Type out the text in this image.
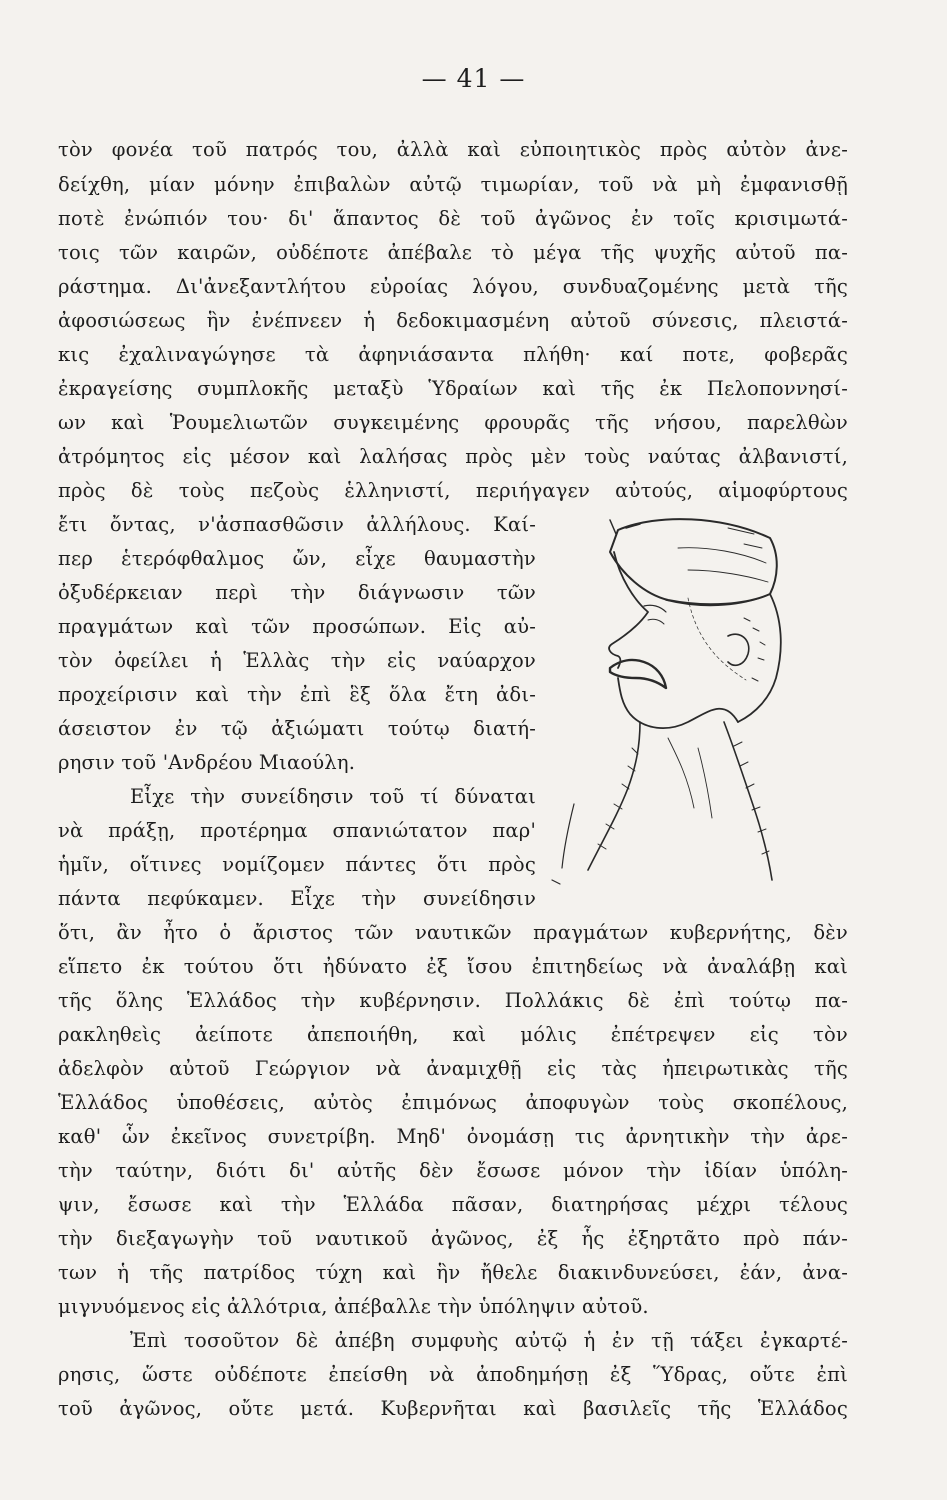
— 41 —
τὸν φονέα τοῦ πατρός του, ἀλλὰ καὶ εὐποιητικὸς πρὸς αὐτὸν ἀνε-
δείχθη, μίαν μόνην ἐπιβαλὼν αὐτῷ τιμωρίαν, τοῦ νὰ μὴ ἐμφανισθῇ
ποτὲ ἐνώπιόν του· δι' ἅπαντος δὲ τοῦ ἀγῶνος ἐν τοῖς κρισιμωτά-
τοις τῶν καιρῶν, οὐδέποτε ἀπέβαλε τὸ μέγα τῆς ψυχῆς αὐτοῦ πα-
ράστημα. Δι'ἀνεξαντλήτου εὐροίας λόγου, συνδυαζομένης μετὰ τῆς
ἀφοσιώσεως ἣν ἐνέπνεεν ἡ δεδοκιμασμένη αὐτοῦ σύνεσις, πλειστά-
κις ἐχαλιναγώγησε τὰ ἀφηνιάσαντα πλήθη· καί ποτε, φοβερᾶς
ἐκραγείσης συμπλοκῆς μεταξὺ Ὑδραίων καὶ τῆς ἐκ Πελοποννησί-
ων καὶ Ῥουμελιωτῶν συγκειμένης φρουρᾶς τῆς νήσου, παρελθὼν
ἀτρόμητος εἰς μέσον καὶ λαλήσας πρὸς μὲν τοὺς ναύτας ἀλβανιστί,
πρὸς δὲ τοὺς πεζοὺς ἑλληνιστί, περιήγαγεν αὐτούς, αἱμοφύρτους
ἔτι ὄντας, ν'ἀσπασθῶσιν ἀλλήλους. Καί-
περ ἑτερόφθαλμος ὤν, εἶχε θαυμαστὴν
ὀξυδέρκειαν περὶ τὴν διάγνωσιν τῶν
πραγμάτων καὶ τῶν προσώπων. Εἰς αὐ-
τὸν ὀφείλει ἡ Ἑλλὰς τὴν εἰς ναύαρχον
προχείρισιν καὶ τὴν ἐπὶ ἓξ ὅλα ἔτη ἀδι-
άσειστον ἐν τῷ ἀξιώματι τούτῳ διατή-
ρησιν τοῦ 'Ανδρέου Μιαούλη.
Εἶχε τὴν συνείδησιν τοῦ τί δύναται
νὰ πράξῃ, προτέρημα σπανιώτατον παρ'
ἡμῖν, οἵτινες νομίζομεν πάντες ὅτι πρὸς
πάντα πεφύκαμεν. Εἶχε τὴν συνείδησιν
ὅτι, ἂν ἦτο ὁ ἄριστος τῶν ναυτικῶν πραγμάτων κυβερνήτης, δὲν
εἵπετο ἐκ τούτου ὅτι ἠδύνατο ἐξ ἴσου ἐπιτηδείως νὰ ἀναλάβῃ καὶ
τῆς ὅλης Ἑλλάδος τὴν κυβέρνησιν. Πολλάκις δὲ ἐπὶ τούτῳ πα-
ρακληθεὶς ἀείποτε ἀπεποιήθη, καὶ μόλις ἐπέτρεψεν εἰς τὸν
ἀδελφὸν αὐτοῦ Γεώργιον νὰ ἀναμιχθῇ εἰς τὰς ἠπειρωτικὰς τῆς
Ἑλλάδος ὑποθέσεις, αὐτὸς ἐπιμόνως ἀποφυγὼν τοὺς σκοπέλους,
καθ' ὧν ἐκεῖνος συνετρίβη. Μηδ' ὀνομάσῃ τις ἀρνητικὴν τὴν ἀρε-
τὴν ταύτην, διότι δι' αὐτῆς δὲν ἔσωσε μόνον τὴν ἰδίαν ὑπόλη-
ψιν, ἔσωσε καὶ τὴν Ἑλλάδα πᾶσαν, διατηρήσας μέχρι τέλους
τὴν διεξαγωγὴν τοῦ ναυτικοῦ ἀγῶνος, ἐξ ἧς ἐξηρτᾶτο πρὸ πάν-
των ἡ τῆς πατρίδος τύχη καὶ ἣν ἤθελε διακινδυνεύσει, ἐάν, ἀνα-
μιγνυόμενος εἰς ἀλλότρια, ἀπέβαλλε τὴν ὑπόληψιν αὐτοῦ.
Ἐπὶ τοσοῦτον δὲ ἀπέβη συμφυὴς αὐτῷ ἡ ἐν τῇ τάξει ἐγκαρτέ-
ρησις, ὥστε οὐδέποτε ἐπείσθη νὰ ἀποδημήσῃ ἐξ Ὕδρας, οὔτε ἐπὶ
τοῦ ἀγῶνος, οὔτε μετά. Κυβερνῆται καὶ βασιλεῖς τῆς Ἑλλάδος
